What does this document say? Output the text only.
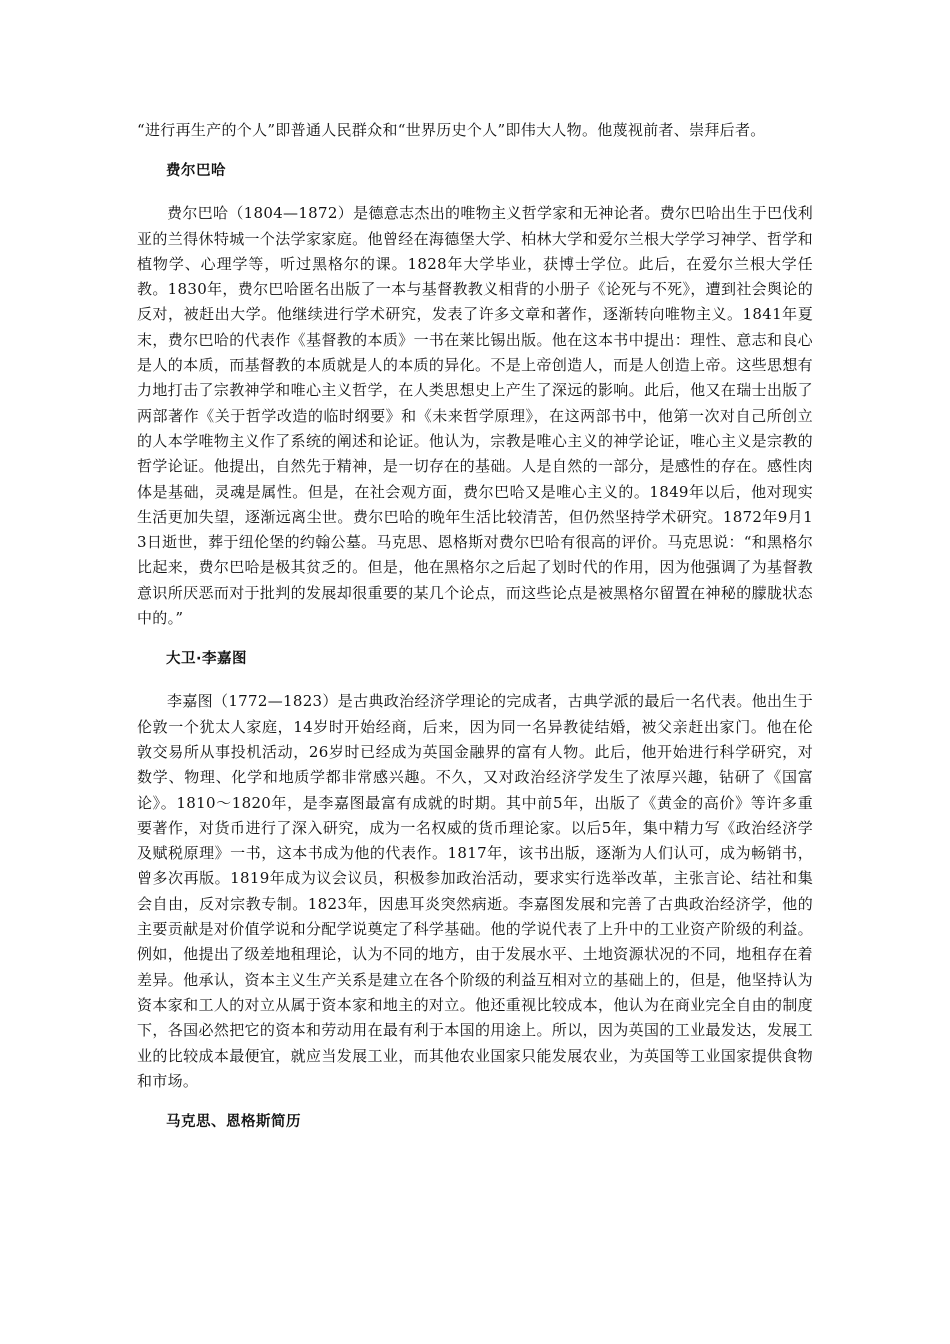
“进行再生产的个人”即普通人民群众和“世界历史个人”即伟大人物。他蔑视前者、崇拜后者。

费尔巴哈

费尔巴哈（1804—1872）是德意志杰出的唯物主义哲学家和无神论者。费尔巴哈出生于巴伐利亚的兰得休特城一个法学家家庭。他曾经在海德堡大学、柏林大学和爱尔兰根大学学习神学、哲学和植物学、心理学等，听过黑格尔的课。1828年大学毕业，获博士学位。此后，在爱尔兰根大学任教。1830年，费尔巴哈匿名出版了一本与基督教教义相背的小册子《论死与不死》，遭到社会舆论的反对，被赶出大学。他继续进行学术研究，发表了许多文章和著作，逐渐转向唯物主义。1841年夏末，费尔巴哈的代表作《基督教的本质》一书在莱比锡出版。他在这本书中提出：理性、意志和良心是人的本质，而基督教的本质就是人的本质的异化。不是上帝创造人，而是人创造上帝。这些思想有力地打击了宗教神学和唯心主义哲学，在人类思想史上产生了深远的影响。此后，他又在瑞士出版了两部著作《关于哲学改造的临时纲要》和《未来哲学原理》，在这两部书中，他第一次对自己所创立的人本学唯物主义作了系统的阐述和论证。他认为，宗教是唯心主义的神学论证，唯心主义是宗教的哲学论证。他提出，自然先于精神，是一切存在的基础。人是自然的一部分，是感性的存在。感性肉体是基础，灵魂是属性。但是，在社会观方面，费尔巴哈又是唯心主义的。1849年以后，他对现实生活更加失望，逐渐远离尘世。费尔巴哈的晚年生活比较清苦，但仍然坚持学术研究。1872年9月13日逝世，葬于纽伦堡的约翰公墓。马克思、恩格斯对费尔巴哈有很高的评价。马克思说：“和黑格尔比起来，费尔巴哈是极其贫乏的。但是，他在黑格尔之后起了划时代的作用，因为他强调了为基督教意识所厌恶而对于批判的发展却很重要的某几个论点，而这些论点是被黑格尔留置在神秘的朦胧状态中的。”

大卫·李嘉图

李嘉图（1772—1823）是古典政治经济学理论的完成者，古典学派的最后一名代表。他出生于伦敦一个犹太人家庭，14岁时开始经商，后来，因为同一名异教徒结婚，被父亲赶出家门。他在伦敦交易所从事投机活动，26岁时已经成为英国金融界的富有人物。此后，他开始进行科学研究，对数学、物理、化学和地质学都非常感兴趣。不久，又对政治经济学发生了浓厚兴趣，钻研了《国富论》。1810～1820年，是李嘉图最富有成就的时期。其中前5年，出版了《黄金的高价》等许多重要著作，对货币进行了深入研究，成为一名权威的货币理论家。以后5年，集中精力写《政治经济学及赋税原理》一书，这本书成为他的代表作。1817年，该书出版，逐渐为人们认可，成为畅销书，曾多次再版。1819年成为议会议员，积极参加政治活动，要求实行选举改革，主张言论、结社和集会自由，反对宗教专制。1823年，因患耳炎突然病逝。李嘉图发展和完善了古典政治经济学，他的主要贡献是对价值学说和分配学说奠定了科学基础。他的学说代表了上升中的工业资产阶级的利益。例如，他提出了级差地租理论，认为不同的地方，由于发展水平、土地资源状况的不同，地租存在着差异。他承认，资本主义生产关系是建立在各个阶级的利益互相对立的基础上的，但是，他坚持认为资本家和工人的对立从属于资本家和地主的对立。他还重视比较成本，他认为在商业完全自由的制度下，各国必然把它的资本和劳动用在最有利于本国的用途上。所以，因为英国的工业最发达，发展工业的比较成本最便宜，就应当发展工业，而其他农业国家只能发展农业，为英国等工业国家提供食物和市场。

马克思、恩格斯简历
